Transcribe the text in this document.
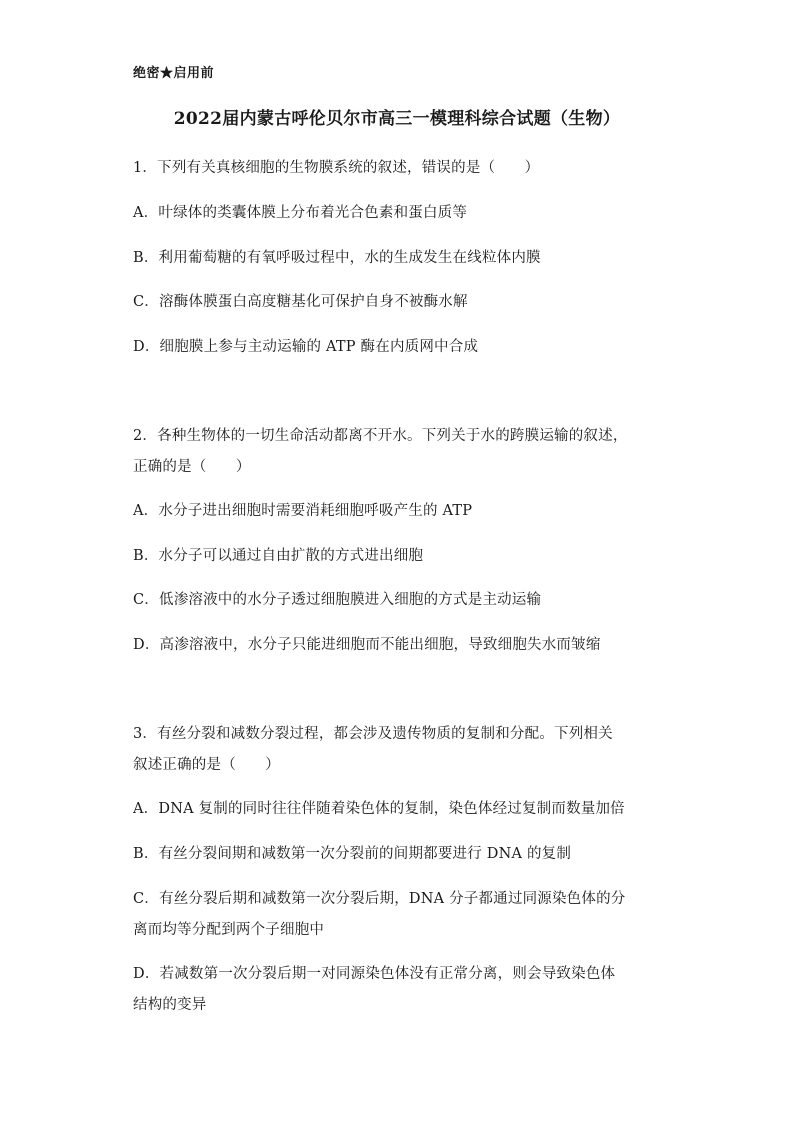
绝密★启用前
2022届内蒙古呼伦贝尔市高三一模理科综合试题（生物）
1．下列有关真核细胞的生物膜系统的叙述，错误的是（　　）
A．叶绿体的类囊体膜上分布着光合色素和蛋白质等
B．利用葡萄糖的有氧呼吸过程中，水的生成发生在线粒体内膜
C．溶酶体膜蛋白高度糖基化可保护自身不被酶水解
D．细胞膜上参与主动运输的 ATP 酶在内质网中合成
2．各种生物体的一切生命活动都离不开水。下列关于水的跨膜运输的叙述，
正确的是（　　）
A．水分子进出细胞时需要消耗细胞呼吸产生的 ATP
B．水分子可以通过自由扩散的方式进出细胞
C．低渗溶液中的水分子透过细胞膜进入细胞的方式是主动运输
D．高渗溶液中，水分子只能进细胞而不能出细胞，导致细胞失水而皱缩
3．有丝分裂和减数分裂过程，都会涉及遗传物质的复制和分配。下列相关
叙述正确的是（　　）
A．DNA 复制的同时往往伴随着染色体的复制，染色体经过复制而数量加倍
B．有丝分裂间期和减数第一次分裂前的间期都要进行 DNA 的复制
C．有丝分裂后期和减数第一次分裂后期，DNA 分子都通过同源染色体的分
离而均等分配到两个子细胞中
D．若减数第一次分裂后期一对同源染色体没有正常分离，则会导致染色体
结构的变异
